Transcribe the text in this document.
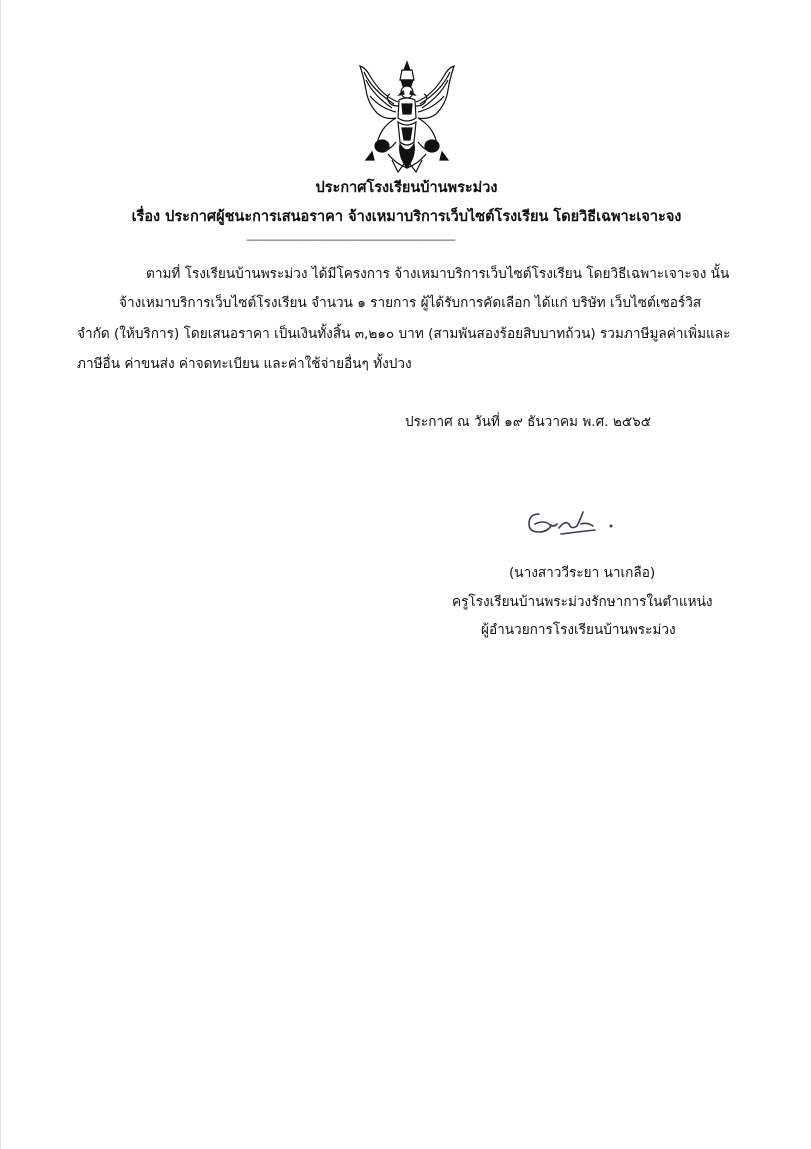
ประกาศโรงเรียนบ้านพระม่วง
เรื่อง ประกาศผู้ชนะการเสนอราคา จ้างเหมาบริการเว็บไซต์โรงเรียน โดยวิธีเฉพาะเจาะจง
--------------------------------------------------------------------------------
ตามที่ โรงเรียนบ้านพระม่วง ได้มีโครงการ จ้างเหมาบริการเว็บไซต์โรงเรียน โดยวิธีเฉพาะเจาะจง นั้น
จ้างเหมาบริการเว็บไซต์โรงเรียน จำนวน ๑ รายการ ผู้ได้รับการคัดเลือก ได้แก่ บริษัท เว็บไซต์เซอร์วิส
จำกัด (ให้บริการ) โดยเสนอราคา เป็นเงินทั้งสิ้น ๓,๒๑๐ บาท (สามพันสองร้อยสิบบาทถ้วน) รวมภาษีมูลค่าเพิ่มและ
ภาษีอื่น ค่าขนส่ง ค่าจดทะเบียน และค่าใช้จ่ายอื่นๆ ทั้งปวง
ประกาศ ณ วันที่ ๑๙ ธันวาคม พ.ศ. ๒๕๖๕
(นางสาววีระยา นาเกลือ)
ครูโรงเรียนบ้านพระม่วงรักษาการในตำแหน่ง
ผู้อำนวยการโรงเรียนบ้านพระม่วง
